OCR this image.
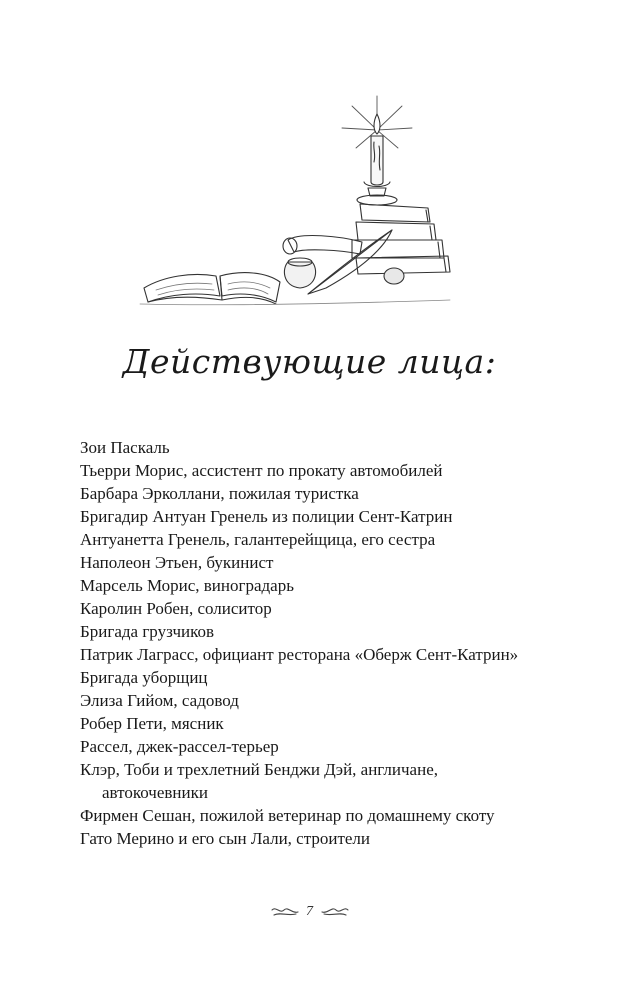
Действующие лица:
Зои Паскаль
Тьерри Морис, ассистент по прокату автомобилей
Барбара Эрколлани, пожилая туристка
Бригадир Антуан Гренель из полиции Сент-Катрин
Антуанетта Гренель, галантерейщица, его сестра
Наполеон Этьен, букинист
Марсель Морис, виноградарь
Каролин Робен, солиситор
Бригада грузчиков
Патрик Лаграсс, официант ресторана «Оберж Сент-Катрин»
Бригада уборщиц
Элиза Гийом, садовод
Робер Пети, мясник
Рассел, джек-рассел-терьер
Клэр, Тоби и трехлетний Бенджи Дэй, англичане, автокочевники
Фирмен Сешан, пожилой ветеринар по домашнему скоту
Гато Мерино и его сын Лали, строители
7
